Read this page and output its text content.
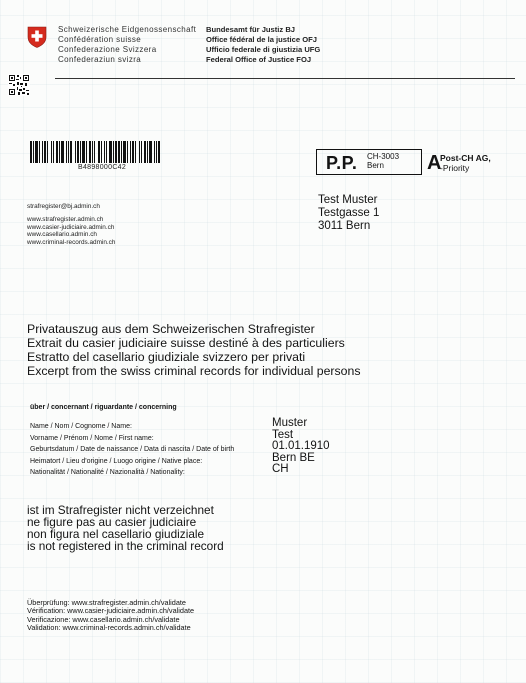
Schweizerische Eidgenossenschaft
Confédération suisse
Confederazione Svizzera
Confederaziun svizra
Bundesamt für Justiz BJ
Office fédéral de la justice OFJ
Ufficio federale di giustizia UFG
Federal Office of Justice FOJ
B4898000C42	P.P. CH-3003
Bern	A
Post-CH AG,
-Priority
strafregister@bj.admin.ch
www.strafregister.admin.ch
www.casier-judiciaire.admin.ch
www.casellario.admin.ch
www.criminal-records.admin.ch
Test Muster
Testgasse 1
3011 Bern
Privatauszug aus dem Schweizerischen Strafregister
Extrait du casier judiciaire suisse destiné à des particuliers
Estratto del casellario giudiziale svizzero per privati
Excerpt from the swiss criminal records for individual persons
über / concernant / riguardante / concerning
Name / Nom / Cognome / Name:
Vorname / Prénom / Nome / First name:
Geburtsdatum / Date de naissance / Data di nascita / Date of birth
Heimatort / Lieu d'origine / Luogo origine / Native place:
Nationalität / Nationalité / Nazionalità / Nationality:
Muster
Test
01.01.1910
Bern BE
CH
ist im Strafregister nicht verzeichnet
ne figure pas au casier judiciaire
non figura nel casellario giudiziale
is not registered in the criminal record
Überprüfung: www.strafregister.admin.ch/validate
Vérification: www.casier-judiciaire.admin.ch/validate
Verificazione: www.casellario.admin.ch/validate
Validation: www.criminal-records.admin.ch/validate
